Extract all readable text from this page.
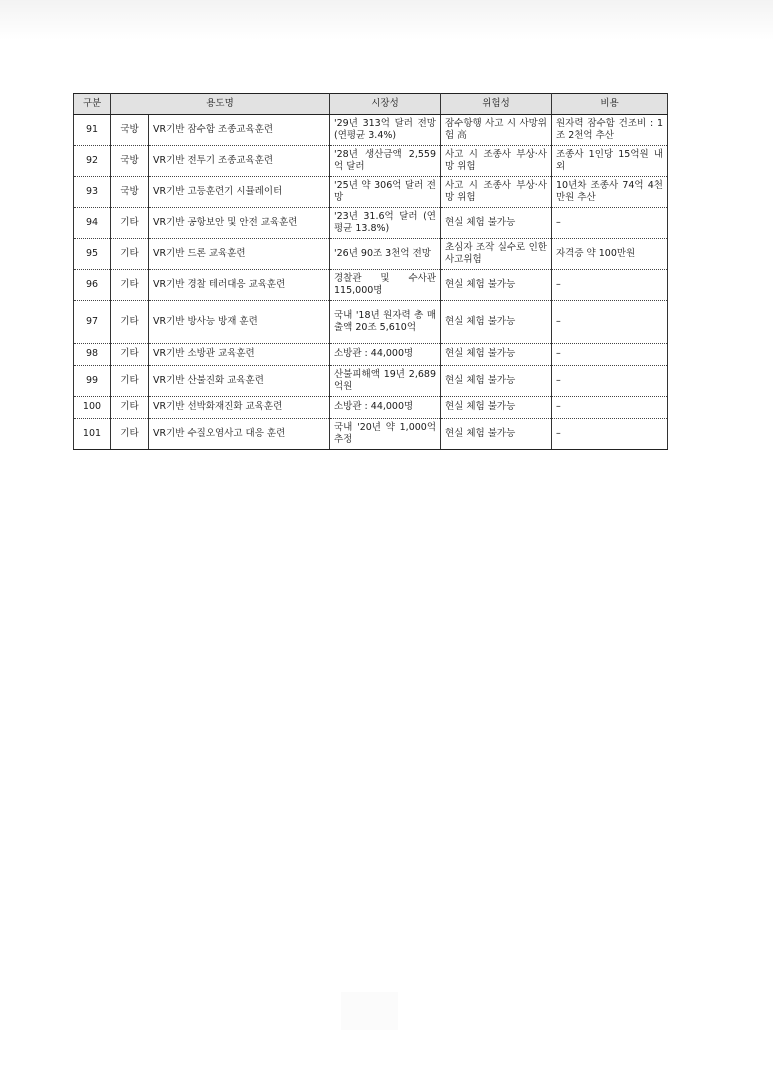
구분	용도명		시장성	위험성	비용
91	국방	VR기반 잠수함 조종교육훈련	'29년 313억 달러 전망(연평균 3.4%)	잠수항행 사고 시 사망위험 高	원자력 잠수함 건조비 : 1조 2천억 추산
92	국방	VR기반 전투기 조종교육훈련	'28년 생산금액 2,559억 달러	사고 시 조종사 부상·사망 위험	조종사 1인당 15억원 내외
93	국방	VR기반 고등훈련기 시뮬레이터	'25년 약 306억 달러 전망	사고 시 조종사 부상·사망 위험	10년차 조종사 74억 4천만원 추산
94	기타	VR기반 공항보안 및 안전 교육훈련	'23년 31.6억 달러 (연평균 13.8%)	현실 체험 불가능	–
95	기타	VR기반 드론 교육훈련	'26년 90조 3천억 전망	초심자 조작 실수로 인한 사고위험	자격증 약 100만원
96	기타	VR기반 경찰 테러대응 교육훈련	경찰관 및 수사관 115,000명	현실 체험 불가능	–
97	기타	VR기반 방사능 방재 훈련	국내 '18년 원자력 총 매출액 20조 5,610억	현실 체험 불가능	–
98	기타	VR기반 소방관 교육훈련	소방관 : 44,000명	현실 체험 불가능	–
99	기타	VR기반 산불진화 교육훈련	산불피해액 19년 2,689억원	현실 체험 불가능	–
100	기타	VR기반 선박화재진화 교육훈련	소방관 : 44,000명	현실 체험 불가능	–
101	기타	VR기반 수질오염사고 대응 훈련	국내 '20년 약 1,000억 추정	현실 체험 불가능	–
